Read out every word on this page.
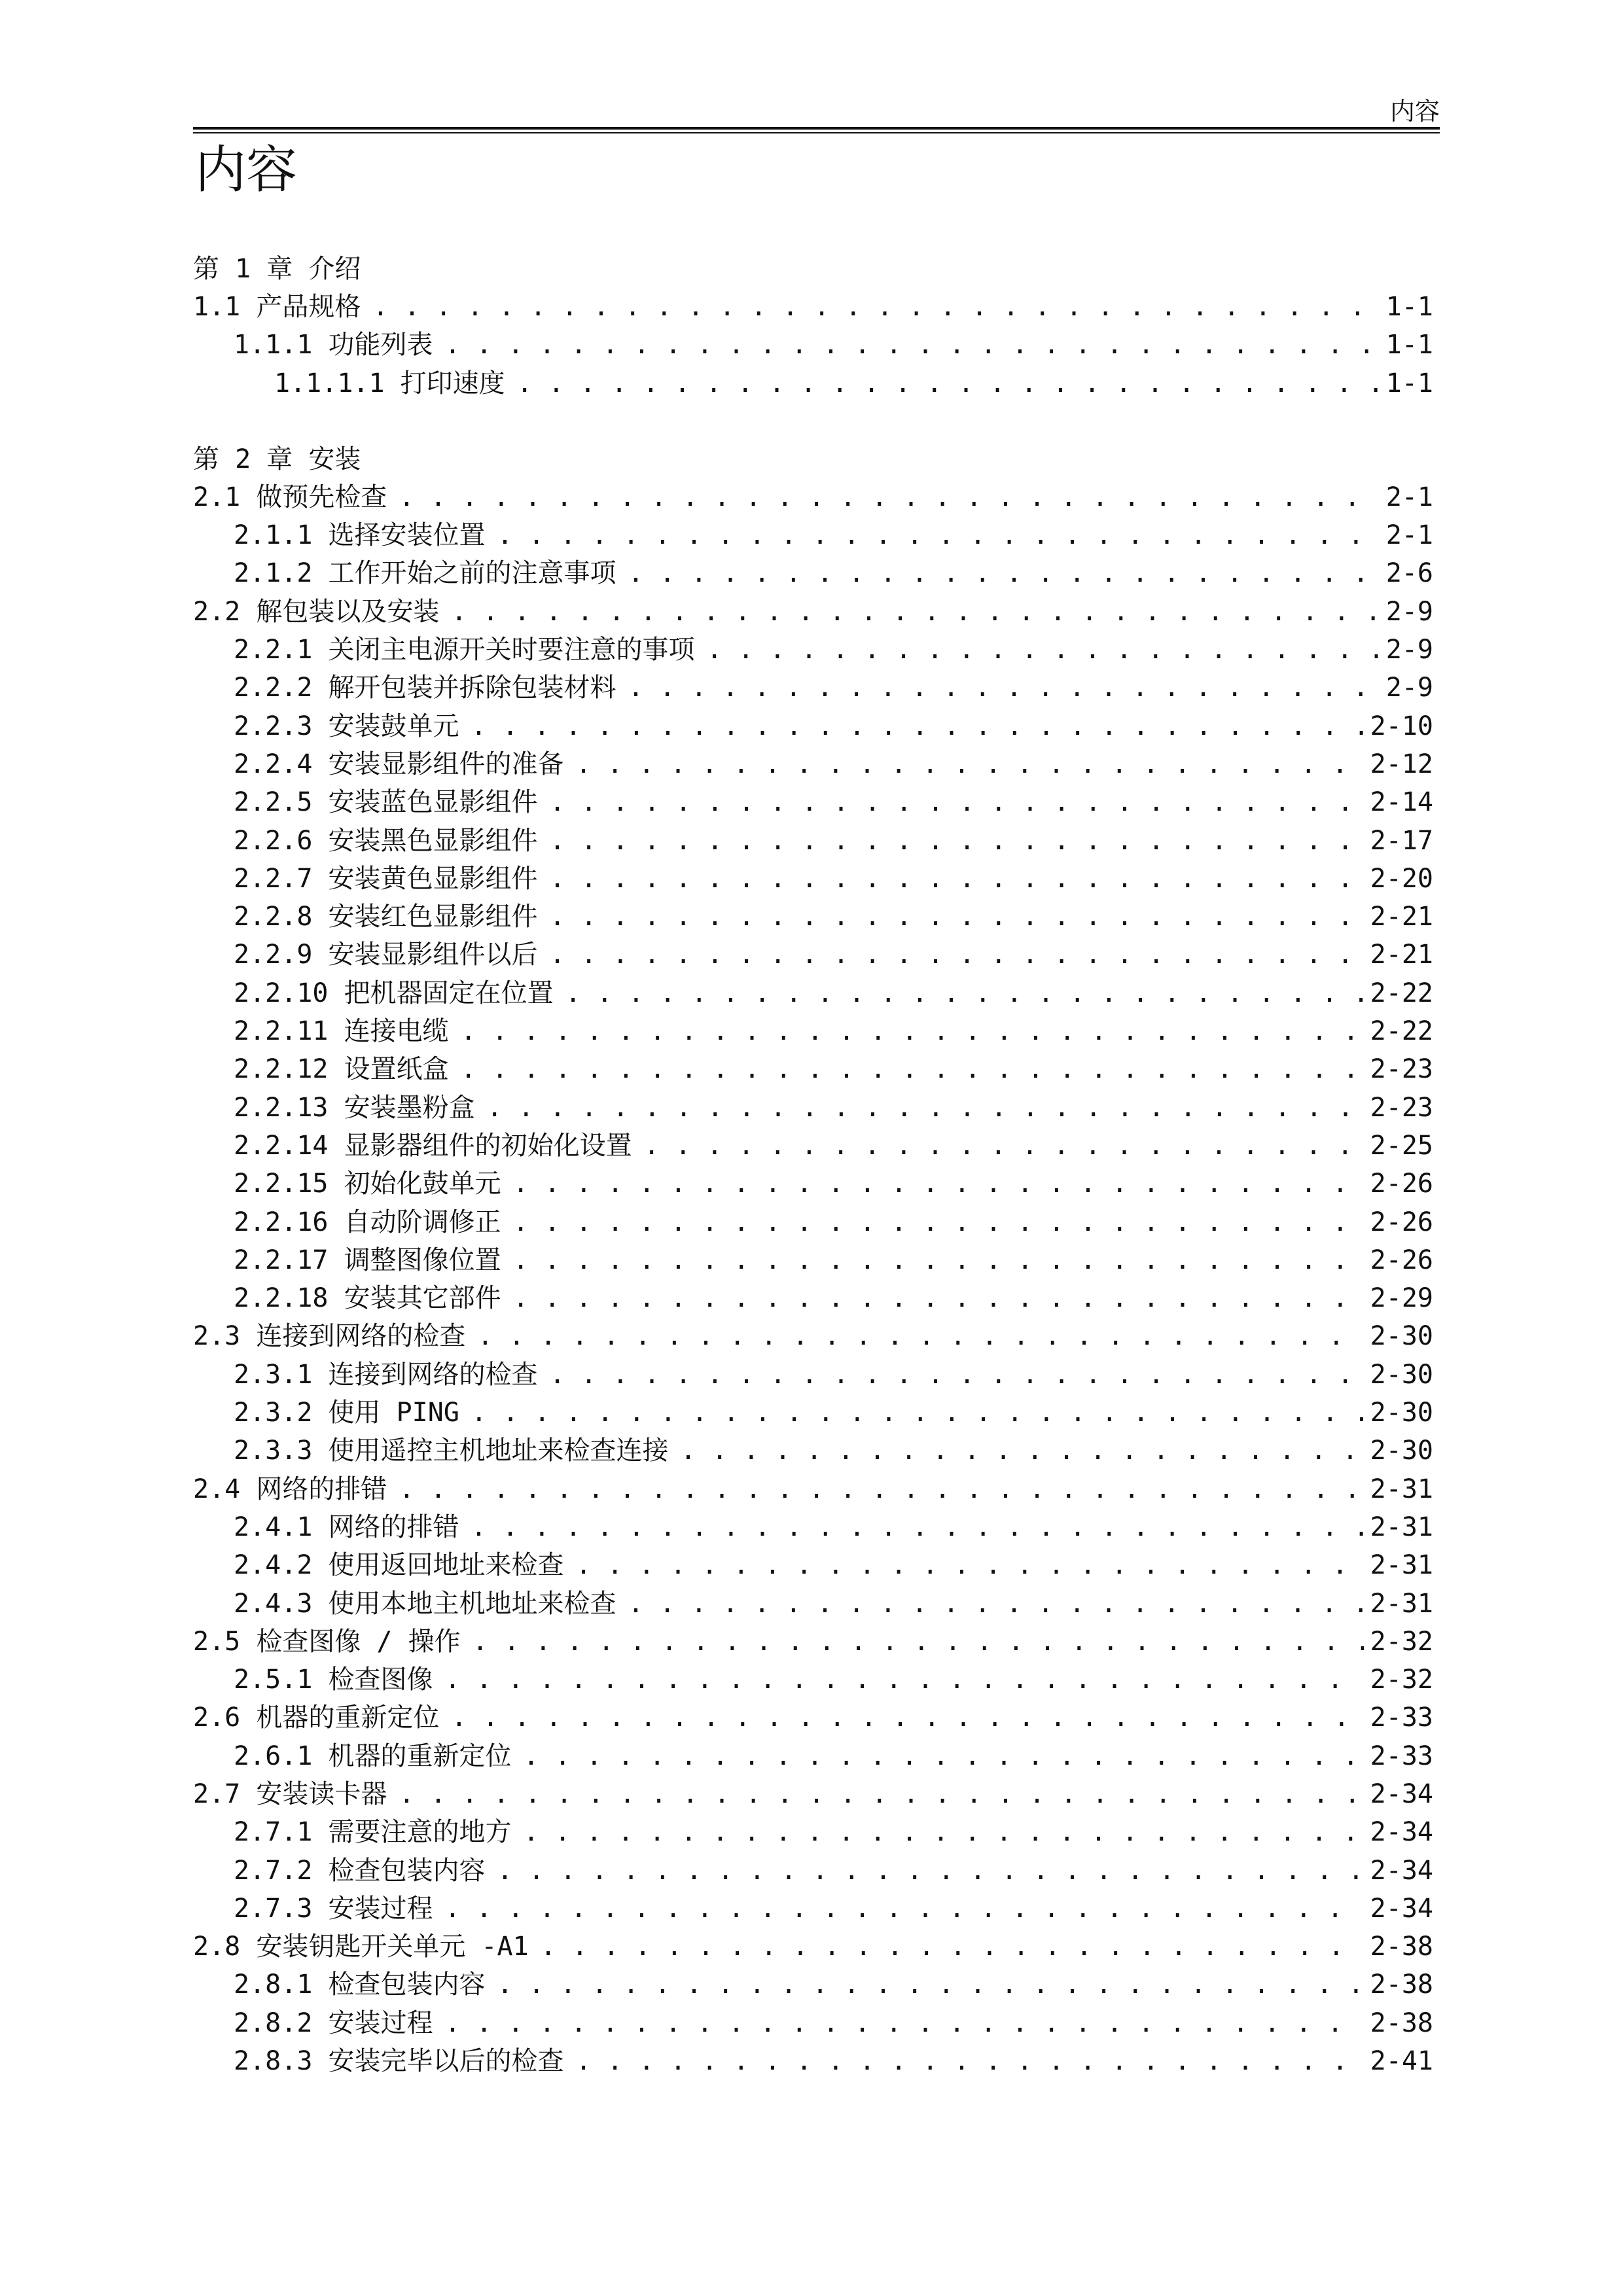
内容
内容
第 1 章 介绍
1.1 产品规格 . . .	1-1
1.1.1 功能列表 . . .	1-1
1.1.1.1 打印速度 . . .	1-1
第 2 章 安装
2.1 做预先检查 . . .	2-1
2.1.1 选择安装位置 . . .	2-1
2.1.2 工作开始之前的注意事项 . . .	2-6
2.2 解包装以及安装 . . .	2-9
2.2.1 关闭主电源开关时要注意的事项 . . .	2-9
2.2.2 解开包装并拆除包装材料 . . .	2-9
2.2.3 安装鼓单元 . . .	2-10
2.2.4 安装显影组件的准备 . . .	2-12
2.2.5 安装蓝色显影组件 . . .	2-14
2.2.6 安装黑色显影组件 . . .	2-17
2.2.7 安装黄色显影组件 . . .	2-20
2.2.8 安装红色显影组件 . . .	2-21
2.2.9 安装显影组件以后 . . .	2-21
2.2.10 把机器固定在位置 . . .	2-22
2.2.11 连接电缆 . . .	2-22
2.2.12 设置纸盒 . . .	2-23
2.2.13 安装墨粉盒 . . .	2-23
2.2.14 显影器组件的初始化设置 . . .	2-25
2.2.15 初始化鼓单元 . . .	2-26
2.2.16 自动阶调修正 . . .	2-26
2.2.17 调整图像位置 . . .	2-26
2.2.18 安装其它部件 . . .	2-29
2.3 连接到网络的检查 . . .	2-30
2.3.1 连接到网络的检查 . . .	2-30
2.3.2 使用 PING . . .	2-30
2.3.3 使用遥控主机地址来检查连接 . . .	2-30
2.4 网络的排错 . . .	2-31
2.4.1 网络的排错 . . .	2-31
2.4.2 使用返回地址来检查 . . .	2-31
2.4.3 使用本地主机地址来检查 . . .	2-31
2.5 检查图像 / 操作 . . .	2-32
2.5.1 检查图像 . . .	2-32
2.6 机器的重新定位 . . .	2-33
2.6.1 机器的重新定位 . . .	2-33
2.7 安装读卡器 . . .	2-34
2.7.1 需要注意的地方 . . .	2-34
2.7.2 检查包装内容 . . .	2-34
2.7.3 安装过程 . . .	2-34
2.8 安装钥匙开关单元 -A1 . . .	2-38
2.8.1 检查包装内容 . . .	2-38
2.8.2 安装过程 . . .	2-38
2.8.3 安装完毕以后的检查 . . .	2-41
